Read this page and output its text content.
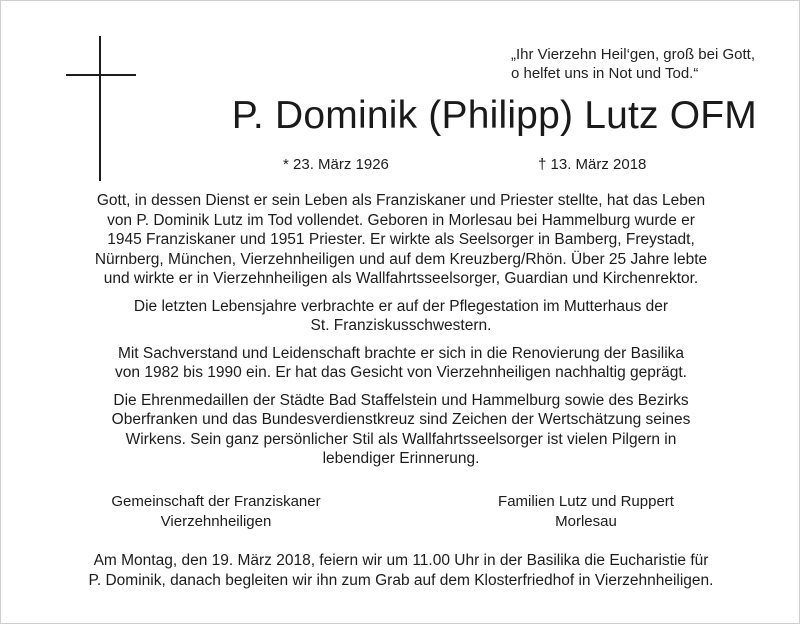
„Ihr Vierzehn Heil‘gen, groß bei Gott,
o helfet uns in Not und Tod.“
P. Dominik (Philipp) Lutz OFM
* 23. März 1926	† 13. März 2018

Gott, in dessen Dienst er sein Leben als Franziskaner und Priester stellte, hat das Leben
von P. Dominik Lutz im Tod vollendet. Geboren in Morlesau bei Hammelburg wurde er
1945 Franziskaner und 1951 Priester. Er wirkte als Seelsorger in Bamberg, Freystadt,
Nürnberg, München, Vierzehnheiligen und auf dem Kreuzberg/Rhön. Über 25 Jahre lebte
und wirkte er in Vierzehnheiligen als Wallfahrtsseelsorger, Guardian und Kirchenrektor.

Die letzten Lebensjahre verbrachte er auf der Pflegestation im Mutterhaus der
St. Franziskusschwestern.

Mit Sachverstand und Leidenschaft brachte er sich in die Renovierung der Basilika
von 1982 bis 1990 ein. Er hat das Gesicht von Vierzehnheiligen nachhaltig geprägt.

Die Ehrenmedaillen der Städte Bad Staffelstein und Hammelburg sowie des Bezirks
Oberfranken und das Bundesverdienstkreuz sind Zeichen der Wertschätzung seines
Wirkens. Sein ganz persönlicher Stil als Wallfahrtsseelsorger ist vielen Pilgern in
lebendiger Erinnerung.

Gemeinschaft der Franziskaner
Vierzehnheiligen
Familien Lutz und Ruppert
Morlesau
Am Montag, den 19. März 2018, feiern wir um 11.00 Uhr in der Basilika die Eucharistie für
P. Dominik, danach begleiten wir ihn zum Grab auf dem Klosterfriedhof in Vierzehnheiligen.
